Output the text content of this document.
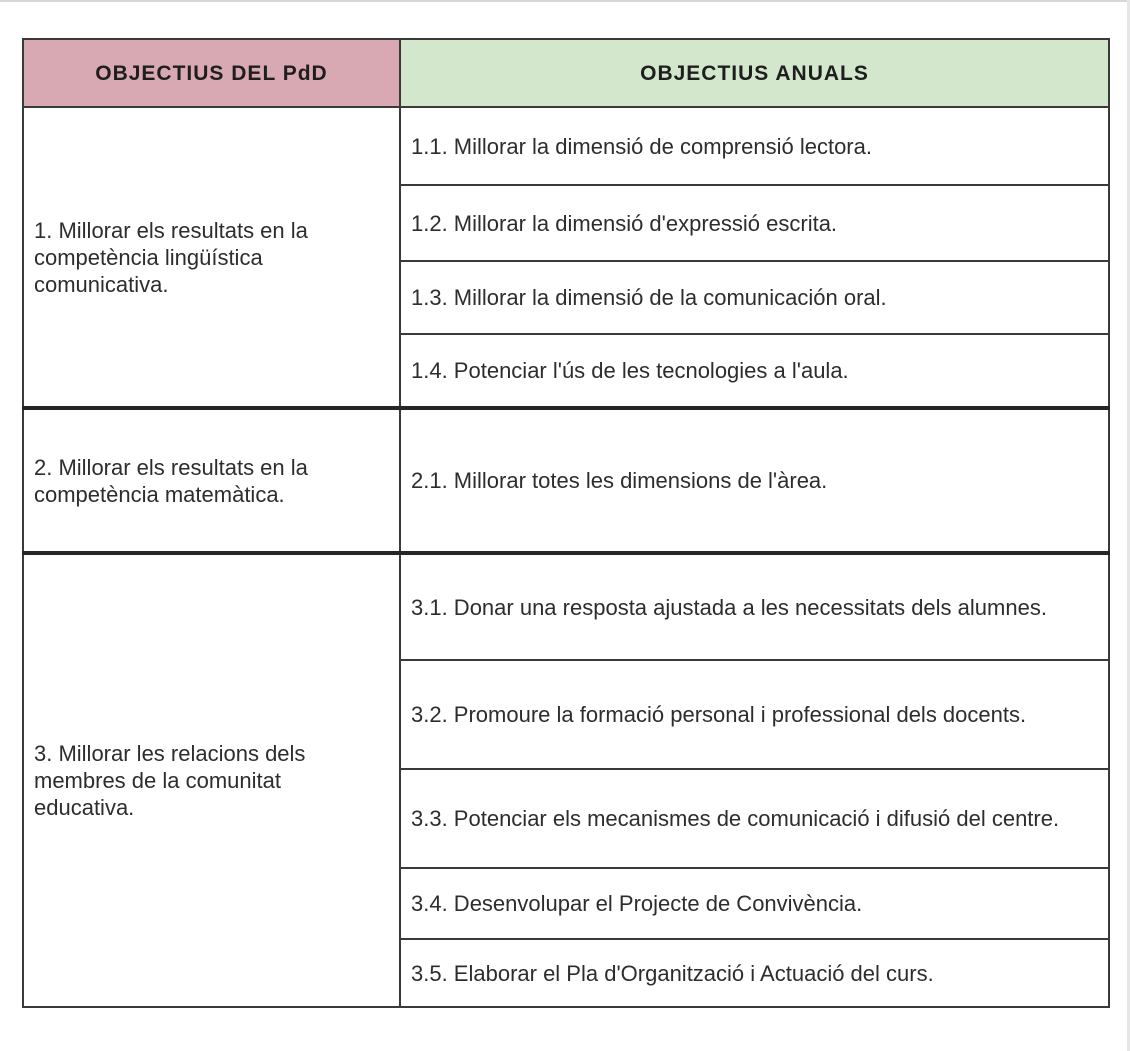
OBJECTIUS DEL PdD	OBJECTIUS ANUALS
1. Millorar els resultats en la competència lingüística comunicativa.	1.1. Millorar la dimensió de comprensió lectora.
	1.2. Millorar la dimensió d'expressió escrita.
	1.3. Millorar la dimensió de la comunicación oral.
	1.4. Potenciar l'ús de les tecnologies a l'aula.
2. Millorar els resultats en la competència matemàtica.	2.1. Millorar totes les dimensions de l'àrea.
3. Millorar les relacions dels membres de la comunitat educativa.	3.1. Donar una resposta ajustada a les necessitats dels alumnes.
	3.2. Promoure la formació personal i professional dels docents.
	3.3. Potenciar els mecanismes de comunicació i difusió del centre.
	3.4. Desenvolupar el Projecte de Convivència.
	3.5. Elaborar el Pla d'Organització i Actuació del curs.
